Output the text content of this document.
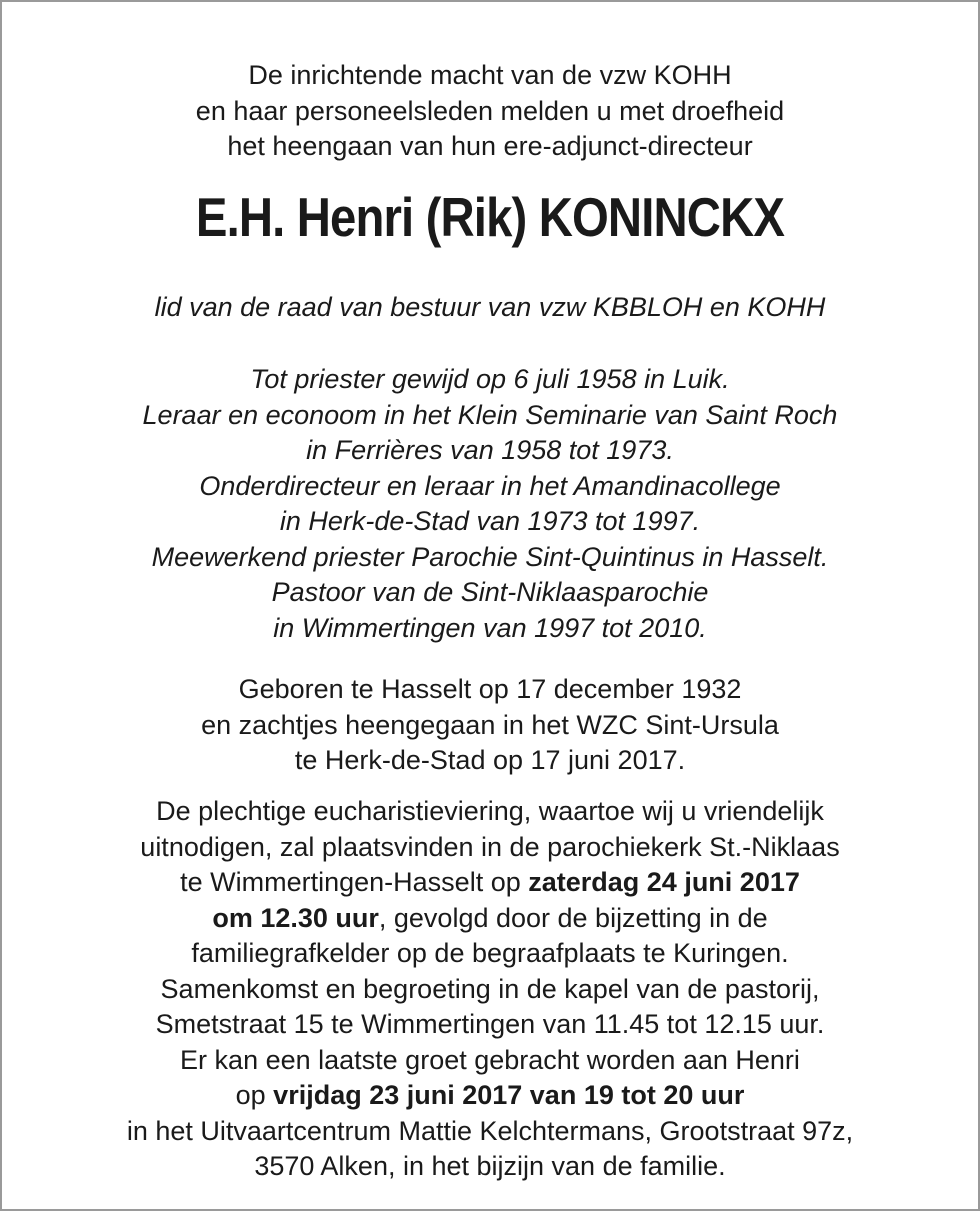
De inrichtende macht van de vzw KOHH
en haar personeelsleden melden u met droefheid
het heengaan van hun ere-adjunct-directeur
E.H. Henri (Rik) KONINCKX
lid van de raad van bestuur van vzw KBBLOH en KOHH
Tot priester gewijd op 6 juli 1958 in Luik.
Leraar en econoom in het Klein Seminarie van Saint Roch
in Ferrières van 1958 tot 1973.
Onderdirecteur en leraar in het Amandinacollege
in Herk-de-Stad van 1973 tot 1997.
Meewerkend priester Parochie Sint-Quintinus in Hasselt.
Pastoor van de Sint-Niklaasparochie
in Wimmertingen van 1997 tot 2010.
Geboren te Hasselt op 17 december 1932
en zachtjes heengegaan in het WZC Sint-Ursula
te Herk-de-Stad op 17 juni 2017.
De plechtige eucharistieviering, waartoe wij u vriendelijk
uitnodigen, zal plaatsvinden in de parochiekerk St.-Niklaas
te Wimmertingen-Hasselt op zaterdag 24 juni 2017
om 12.30 uur, gevolgd door de bijzetting in de
familiegrafkelder op de begraafplaats te Kuringen.
Samenkomst en begroeting in de kapel van de pastorij,
Smetstraat 15 te Wimmertingen van 11.45 tot 12.15 uur.
Er kan een laatste groet gebracht worden aan Henri
op vrijdag 23 juni 2017 van 19 tot 20 uur
in het Uitvaartcentrum Mattie Kelchtermans, Grootstraat 97z,
3570 Alken, in het bijzijn van de familie.
